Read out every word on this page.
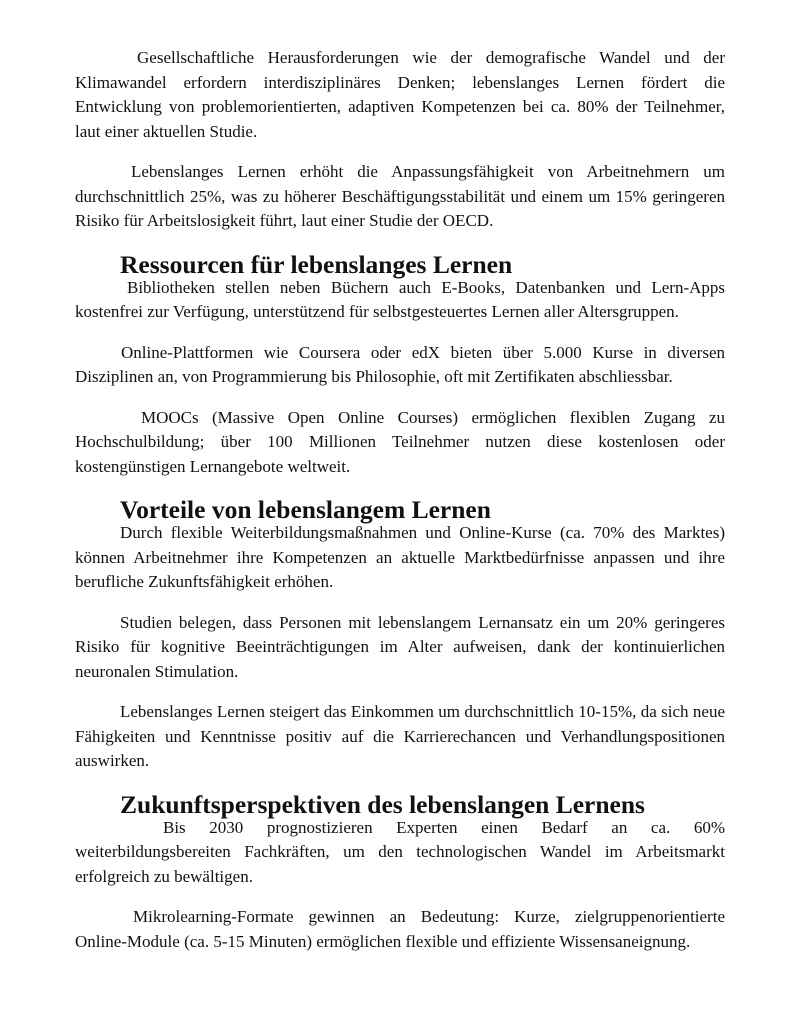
Gesellschaftliche Herausforderungen wie der demografische Wandel und der Klimawandel erfordern interdisziplinäres Denken; lebenslanges Lernen fördert die Entwicklung von problemorientierten, adaptiven Kompetenzen bei ca. 80% der Teilnehmer, laut einer aktuellen Studie.

Lebenslanges Lernen erhöht die Anpassungsfähigkeit von Arbeitnehmern um durchschnittlich 25%, was zu höherer Beschäftigungsstabilität und einem um 15% geringeren Risiko für Arbeitslosigkeit führt, laut einer Studie der OECD.

Ressourcen für lebenslanges Lernen

Bibliotheken stellen neben Büchern auch E-Books, Datenbanken und Lern-Apps kostenfrei zur Verfügung, unterstützend für selbstgesteuertes Lernen aller Altersgruppen.

Online-Plattformen wie Coursera oder edX bieten über 5.000 Kurse in diversen Disziplinen an, von Programmierung bis Philosophie, oft mit Zertifikaten abschliessbar.

MOOCs (Massive Open Online Courses) ermöglichen flexiblen Zugang zu Hochschulbildung; über 100 Millionen Teilnehmer nutzen diese kostenlosen oder kostengünstigen Lernangebote weltweit.

Vorteile von lebenslangem Lernen

Durch flexible Weiterbildungsmaßnahmen und Online-Kurse (ca. 70% des Marktes) können Arbeitnehmer ihre Kompetenzen an aktuelle Marktbedürfnisse anpassen und ihre berufliche Zukunftsfähigkeit erhöhen.

Studien belegen, dass Personen mit lebenslangem Lernansatz ein um 20% geringeres Risiko für kognitive Beeinträchtigungen im Alter aufweisen, dank der kontinuierlichen neuronalen Stimulation.

Lebenslanges Lernen steigert das Einkommen um durchschnittlich 10-15%, da sich neue Fähigkeiten und Kenntnisse positiv auf die Karrierechancen und Verhandlungspositionen auswirken.

Zukunftsperspektiven des lebenslangen Lernens

Bis 2030 prognostizieren Experten einen Bedarf an ca. 60% weiterbildungsbereiten Fachkräften, um den technologischen Wandel im Arbeitsmarkt erfolgreich zu bewältigen.

Mikrolearning-Formate gewinnen an Bedeutung: Kurze, zielgruppenorientierte Online-Module (ca. 5-15 Minuten) ermöglichen flexible und effiziente Wissensaneignung.
